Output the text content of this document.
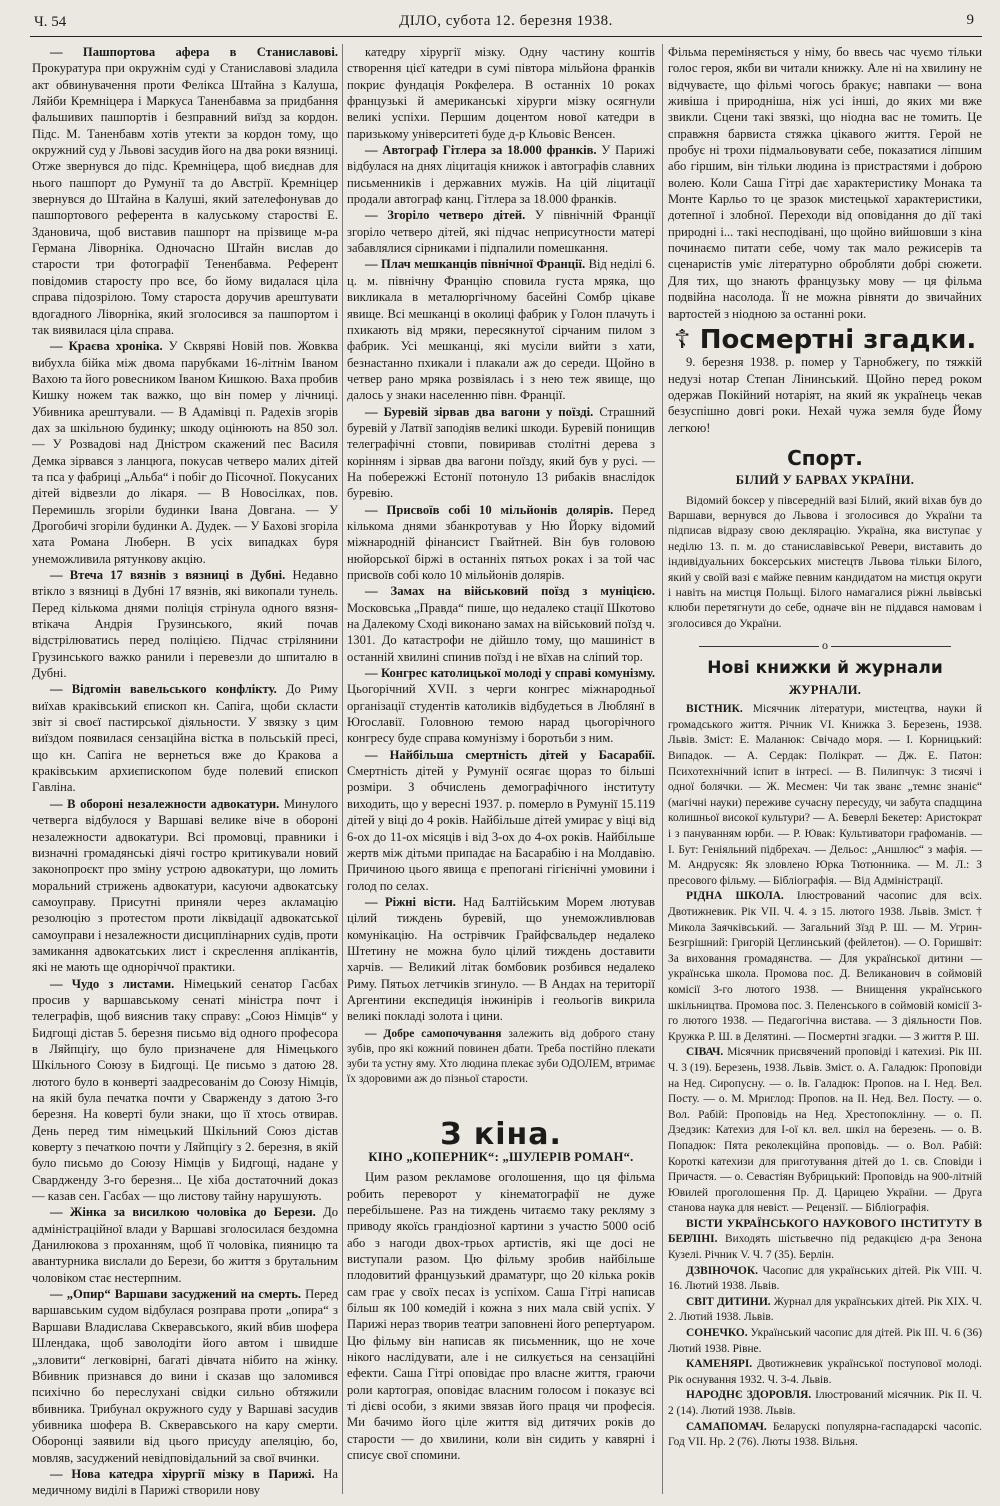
Ч. 54	ДІЛО, субота 12. березня 1938.	9

— Пашпортова афера в Станиславові. Прокуратура при окружнім суді у Станиславові зладила акт обвинувачення проти Фелікса Штайна з Калуша, Ляйби Кремніцера і Маркуса Таненбавма за придбання фальшивих пашпортів і безправний виїзд за кордон. Підс. М. Таненбавм хотів утекти за кордон тому, що окружний суд у Львові засудив його на два роки вязниці. Отже звернувся до підс. Кремніцера, щоб виєднав для нього пашпорт до Румунії та до Австрії. Кремніцер звернувся до Штайна в Калуші, який зателефонував до пашпортового референта в калуському старостві Е. Здановича, щоб виставив пашпорт на прізвище м-ра Германа Лівоpніка. Одночасно Штайн вислав до старости три фотографії Тененбавма. Референт повідомив старосту про все, бо йому видалася ціла справа підозрілою. Тому староста доручив арештувати вдогадного Лівоpніка, який зголосився за пашпортом і так виявилася ціла справа.

— Краєва хроніка. У Сквряві Новій пов. Жовква вибухла бійка між двома парубками 16-літнім Іваном Вахою та його ровесником Іваном Кишкою. Ваха пробив Кишку ножем так важко, що він помер у лічниці. Убивника арештували. — В Адамівці п. Радехів згорів дах за шкільною будинку; шкоду оцінюють на 850 зол. — У Розвадові над Дністром скажений пес Василя Демка зірвався з ланцюга, покусав четверо малих дітей та пса у фабриці „Альба“ і побіг до Пісочної. Покусаних дітей відвезли до лікаря. — В Новосілках, пов. Перемишль згоріли будинки Івана Довгана. — У Дрогобичі згоріли будинки А. Дудек. — У Бахові згоріла хата Романа Люберн. В усіх випадках буря унеможливила рятункову акцію.

— Втеча 17 вязнів з вязниці в Дубні. Недавно втікло з вязниці в Дубні 17 вязнів, які викопали тунель. Перед кількома днями поліція стрінула одного вязня-втікача Андрія Грузинського, який почав відстрілюватись перед поліцією. Підчас стрілянини Грузинського важко ранили і перевезли до шпиталю в Дубні.

— Відгомін вавельського конфлікту. До Риму виїхав краківський єпископ кн. Сапіга, щоби скласти звіт зі своєї пастирської діяльности. У звязку з цим виїздом появилася сензаційна вістка в польській пресі, що кн. Сапіга не вернеться вже до Кракова а краківським архиєпископом буде полевий єпископ Гавліна.

— В обороні незалежности адвокатури. Минулого четверга відбулося у Варшаві велике віче в обороні незалежности адвокатури. Всі промовці, правники і визначні громадянські діячі гостро критикували новий законопроєкт про зміну устрою адвокатури, що ломить моральний стрижень адвокатури, касуючи адвокатську самоуправу. Присутні приняли через акламацію резолюцію з протестом проти ліквідації адвокатської самоуправи і незалежности дисциплінарних судів, проти замикання адвокатських лист і скреслення аплікантів, які не мають ще одноріччої практики.

— Чудо з листами. Німецький сенатор Гасбах просив у варшавському сенаті міністра почт і телеграфів, щоб вияснив таку справу: „Союз Німців“ у Бидгощі дістав 5. березня письмо від одного професора в Ляйпціґу, що було призначене для Німецького Шкільного Союзу в Бидгощі. Це письмо з датою 28. лютого було в конверті заадресованім до Союзу Німців, на якій була печатка почти у Сварженду з датою 3-го березня. На коверті були знаки, що її хтось отвирав. День перед тим німецький Шкільний Союз дістав коверту з печаткою почти у Ляйпціґу з 2. березня, в якій було письмо до Союзу Німців у Бидгощі, надане у Свардженду 3-го березня... Це хіба достаточний доказ — казав сен. Гасбах — що листову тайну нарушують.

— Жінка за висилкою чоловіка до Берези. До адміністраційної влади у Варшаві зголосилася бездомна Данилюкова з проханням, щоб її чоловіка, пияницю та авантурника вислали до Берези, бо життя з брутальним чоловіком стає нестерпним.

— „Опир“ Варшави засуджений на смерть. Перед варшавським судом відбулася розправа проти „опира“ з Варшави Владислава Скверавського, який вбив шофера Шлендака, щоб заволодіти його автом і швидше „зловити“ легковірні, багаті дівчата нібито на жінку. Вбивник признався до вини і сказав що заломився психічно бо переслухані свідки сильно обтяжили вбивника. Трибунал окружного суду у Варшаві засудив убивника шофера В. Скверавського на кару смерти. Оборонці заявили від цього присуду апеляцію, бо, мовляв, засуджений невідповідальний за свої вчинки.

— Нова катедра хірургії мізку в Парижі. На медичному виділі в Парижі створили нову

катедру хірургії мізку. Одну частину коштів створення цієї катедри в сумі півтора мільйона франків покриє фундація Рокфелера. В останніх 10 роках французькі й американські хірурги мізку осягнули великі успіхи. Першим доцентом нової катедри в паризькому університеті буде д-р Кльовіс Венсен.

— Автограф Гітлера за 18.000 франків. У Парижі відбулася на днях ліцитація книжок і автографів славних письменників і державних мужів. На цій ліцитації продали автограф канц. Гітлера за 18.000 франків.

— Згоріло четверо дітей. У північній Франції згоріло четверо дітей, які підчас неприсутности матері забавлялися сірниками і підпалили помешкання.

— Плач мешканців північної Франції. Від неділі 6. ц. м. північну Францію сповила густа мряка, що викликала в металюргічному басейні Сомбр цікаве явище. Всі мешканці в околиці фабрик у Голон плачуть і пхикають від мряки, пересякнутої сірчаним пилом з фабрик. Усі мешканці, які мусіли вийти з хати, безнастанно пхикали і плакали аж до середи. Щойно в четвер рано мряка розвіялась і з нею теж явище, що далось у знаки населенню півн. Франції.

— Буревій зірвав два вагони у поїзді. Страшний буревій у Латвії заподіяв великі шкоди. Буревій понищив телеграфічні стовпи, повиривав столітні дерева з корінням і зірвав два вагони поїзду, який був у русі. — На побережжі Естонії потонуло 13 рибаків внаслідок буревію.

— Присвоїв собі 10 мільйонів долярів. Перед кількома днями збанкротував у Ню Йорку відомий міжнародній фінансист Гвайтней. Він був головою нюйорської біржі в останніх пятьох роках і за той час присвоїв собі коло 10 мільйонів долярів.

— Замах на військовий поїзд з муніцією. Московська „Правда“ пише, що недалеко стації Шкотово на Далекому Сході виконано замах на військовий поїзд ч. 1301. До катастрофи не дійшло тому, що машиніст в останній хвилині спинив поїзд і не вїхав на сліпий тор.

— Конгрес католицької молоді у справі комунізму. Цьогорічний XVII. з черги конгрес міжнародньої організації студентів католиків відбудеться в Люблянї в Югославії. Головною темою нарад цьогорічного конгресу буде справа комунізму і боротьби з ним.

— Найбільша смертність дітей у Басарабії. Смертність дітей у Румунії осягає щораз то більші розміри. З обчислень демографічного інституту виходить, що у вересні 1937. р. померло в Румунії 15.119 дітей у віці до 4 років. Найбільше дітей умирає у віці від 6-ох до 11-ох місяців і від 3-ох до 4-ох років. Найбільше жертв між дітьми припадає на Басарабію і на Молдавію. Причиною цього явища є препогані гігієнічні умовини і голод по селах.

— Ріжні вісти. Над Балтійським Морем лютував цілий тиждень буревій, що унеможливлював комунікацію. На острівчик Грайфсвальдер недалеко Штетину не можна було цілий тиждень доставити харчів. — Великий літак бомбовик розбився недалеко Риму. Пятьох летчиків згинуло. — В Андах на території Аргентини експедиція інжинірів і геольогів викрила великі покладі золота і цини.

— Добре самопочування залежить від доброго стану зубів, про які кожний повинен дбати. Треба постійно плекати зуби та устну яму. Хто людина плекає зуби ОДОЛЕМ, втримає їх здоровими аж до пізньої старости.

З кіна.
КІНО „КОПЕРНИК“: „ШУЛЕРІВ РОМАН“.

Цим разом рекламове оголошення, що ця фільма робить переворот у кінематографії не дуже перебільшене. Раз на тиждень читаємо таку рекляму з приводу якоїсь грандіозної картини з участю 5000 осіб або з нагоди двох-трьох артистів, які ще досі не виступали разом. Цю фільму зробив найбільше плодовитий французький драматург, що 20 кілька років сам грає у своїх песах із успіхом. Саша Гітрі написав більш як 100 комедій і кожна з них мала свій успіх. У Парижі нераз творив театри заповнені його репертуаром. Цю фільму він написав як письменник, що не хоче нікого наслідувати, але і не силкується на сензаційні ефекти. Саша Гітрі оповідає про власне життя, граючи роли картограя, оповідає власним голосом і показує всі ті дієві особи, з якими звязав його праця чи професія. Ми бачимо його ціле життя від дитячих років до старости — до хвилини, коли він сидить у кавярні і списує свої спомини.

Фільма переміняється у німу, бо ввесь час чуємо тільки голос героя, якби ви читали книжку. Але ні на хвилину не відчуваєте, що фільмі чогось бракує; навпаки — вона живіша і природніша, ніж усі інші, до яких ми вже звикли. Сцени такі звязкі, що ніодна вас не томить. Це справжня барвиста стяжка цікавого життя. Герой не пробує ні трохи підмальовувати себе, показатися ліпшим або гіршим, він тільки людина із пристрастями і доброю волею. Коли Саша Гітрі дає характеристику Монака та Монте Карльо то це зразок мистецької характеристики, дотепної і злобної. Переходи від оповідання до дії такі природні і... такі несподівані, що щойно вийшовши з кіна починаємо питати себе, чому так мало режисерів та сценаристів уміє літературно обробляти добрі сюжети. Для тих, що знають французьку мову — ця фільма подвійна насолода. Її не можна рівняти до звичайних вартостей з ніодною за останні роки.

☦ Посмертні згадки.

9. березня 1938. р. помер у Тарнобжегу, по тяжкій недузі нотар Степан Лінинський. Щойно перед роком одержав Покійний нотаріят, на який як українець чекав безуспішно довгі роки. Нехай чужа земля буде Йому легкою!

Спорт.
БІЛИЙ У БАРВАХ УКРАЇНИ.

Відомий боксер у півсередній вазі Білий, який віхав був до Варшави, вернувся до Львова і зголосився до України та підписав відразу свою деклярацію. Україна, яка виступає у неділю 13. п. м. до станиславівської Ревери, виставить до індивідуальних боксерських мистецтв Львова тільки Білого, який у своїй вазі є майже певним кандидатом на мистця округи і навіть на мистця Польщі. Білого намагалися ріжні львівські клюби перетягнути до себе, одначе він не піддався намовам і зголосився до України.

o
Нові книжки й журнали
ЖУРНАЛИ.

ВІСТНИК. Місячник літератури, мистецтва, науки й громадського життя. Річник VI. Книжка 3. Березень, 1938. Львів. Зміст: Е. Маланюк: Свічадо моря. — І. Корницький: Випадок. — А. Сердак: Полікрат. — Дж. Е. Патон: Психотехнічний іспит в інтресі. — В. Пилипчук: З тисячі і одної болячки. — Ж. Месмен: Чи так званє „темнє знаніє“ (магічні науки) переживе сучасну пересуду, чи забута спадщина колишньої високої культури? — А. Беверлі Бекетер: Аристократ і з пануванням юрби. — Р. Ювак: Культиватори графоманів. — І. Бут: Геніяльний підбрехач. — Дельос: „Аншлюс“ з мафія. — М. Андрусяк: Як зловлено Юрка Тютюнника. — М. Л.: З пресового фільму. — Бібліографія. — Від Адміністрації.

РІДНА ШКОЛА. Ілюстрований часопис для всіх. Двотижневик. Рік VII. Ч. 4. з 15. лютого 1938. Львів. Зміст. † Микола Заячківський. — Загальний Зїзд Р. Ш. — М. Угрин-Безгрішний: Григорій Цеглинський (фейлетон). — О. Горишвіт: За виховання громадянства. — Для української дитини — українська школа. Промова пос. Д. Великанович в соймовій комісії 3-го лютого 1938. — Внищення українського шкільництва. Промова пос. З. Пеленського в соймовій комісії 3-го лютого 1938. — Педагогічна вистава. — З діяльности Пов. Кружка Р. Ш. в Делятині. — Посмертні згадки. — З життя Р. Ш.

СІВАЧ. Місячник присвячений проповіді і катехизі. Рік III. Ч. 3 (19). Березень, 1938. Львів. Зміст. о. А. Галадюк: Проповіди на Нед. Сиропусну. — о. Ів. Галадюк: Пропов. на І. Нед. Вел. Посту. — о. М. Мриглод: Пропов. на II. Нед. Вел. Посту. — о. Вол. Рабій: Проповідь на Нед. Хрестопоклінну. — о. П. Дзедзик: Катехиз для I-ої кл. вел. шкіл на березень. — о. В. Попадюк: Пята реколекційна проповідь. — о. Вол. Рабій: Короткі катехизи для приготування дітей до 1. св. Сповіди і Причастя. — о. Севастіян Вубрицький: Проповідь на 900-літній Ювилей проголошення Пр. Д. Царицею України. — Друга станова наука для невіст. — Рецензії. — Бібліографія.

ВІСТИ УКРАЇНСЬКОГО НАУКОВОГО ІНСТИТУТУ В БЕРЛІНІ. Виходять шістьвечно під редакцією д-ра Зенона Кузелі. Річник V. Ч. 7 (35). Берлін.

ДЗВІНОЧОК. Часопис для українських дітей. Рік VIII. Ч. 16. Лютий 1938. Львів.

СВІТ ДИТИНИ. Журнал для українських дітей. Рік XIX. Ч. 2. Лютий 1938. Львів.

СОНЕЧКО. Український часопис для дітей. Рік III. Ч. 6 (36) Лютий 1938. Рівне.

КАМЕНЯРІ. Двотижневик української поступової молоді. Рік оснування 1932. Ч. 3-4. Львів.

НАРОДНЄ ЗДОРОВЛЯ. Ілюстрований місячник. Рік II. Ч. 2 (14). Лютий 1938. Львів.

САМАПОМАЧ. Беларускі популярна-гаспадарскі часопіс. Год VII. Нр. 2 (76). Люты 1938. Вільня.
